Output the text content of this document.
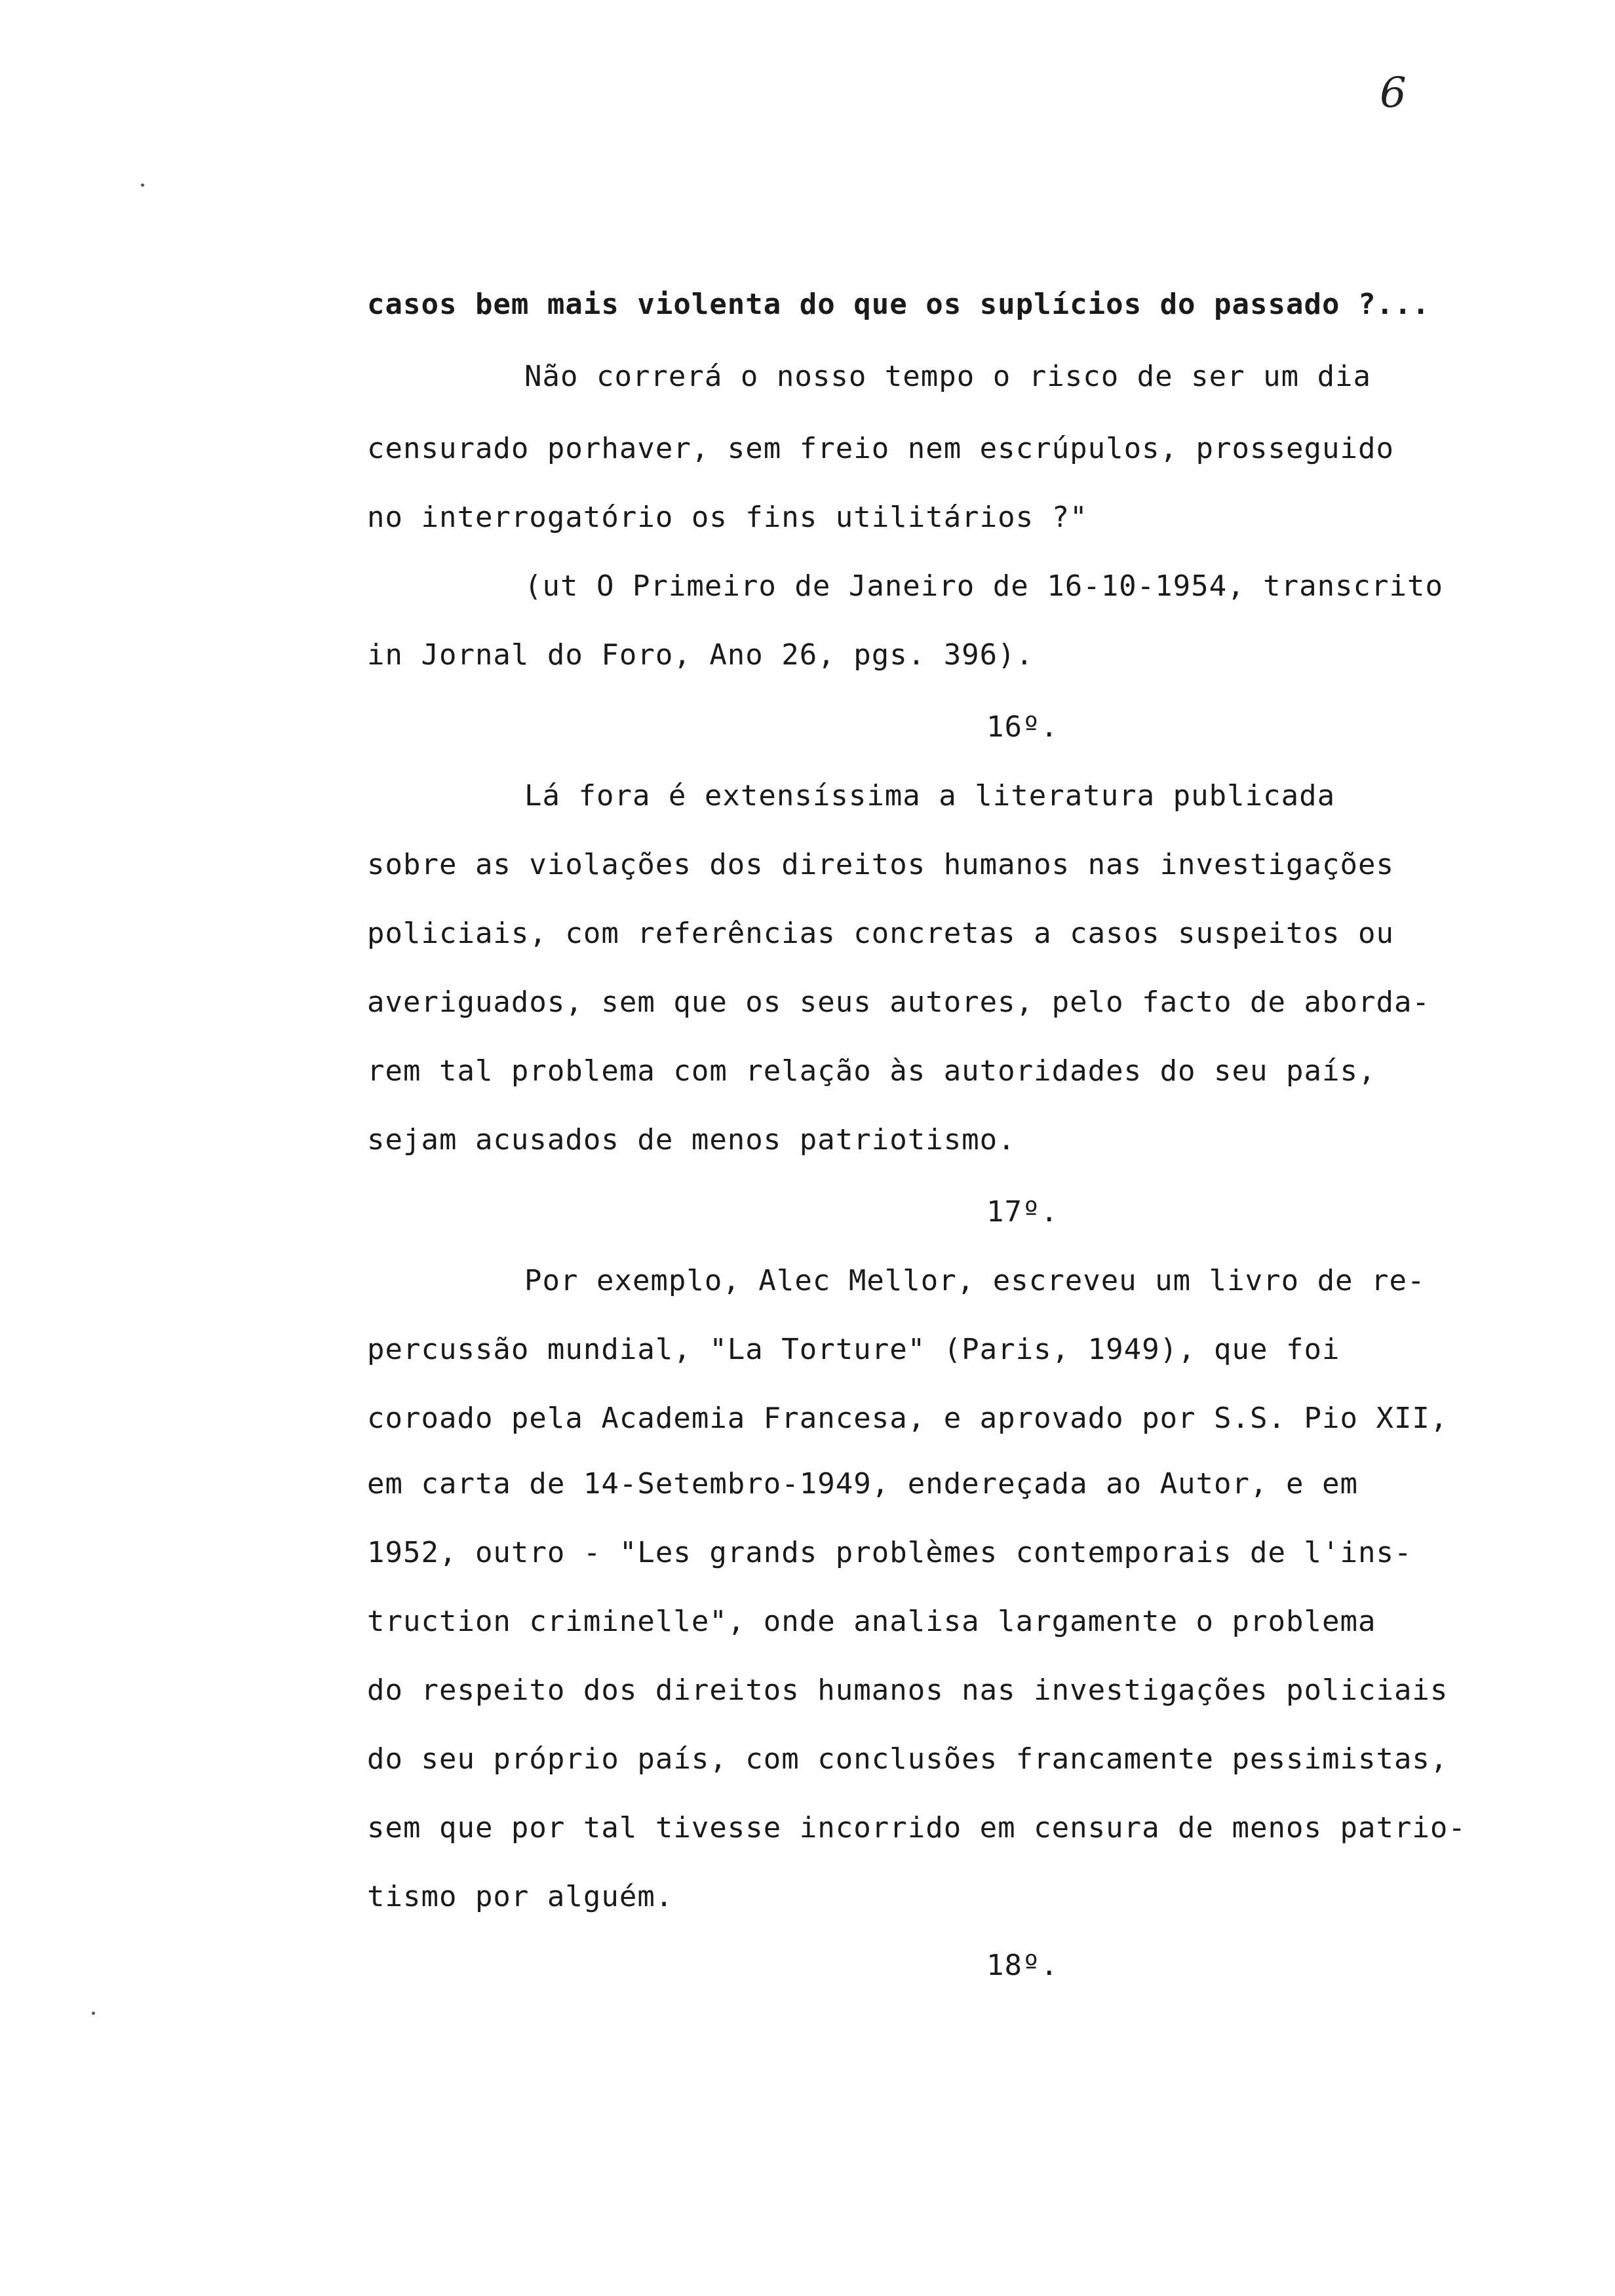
6
casos bem mais violenta do que os suplícios do passado ?...
Não correrá o nosso tempo o risco de ser um dia
censurado porhaver, sem freio nem escrúpulos, prosseguido
no interrogatório os fins utilitários ?"
(ut O Primeiro de Janeiro de 16-10-1954, transcrito
in Jornal do Foro, Ano 26, pgs. 396).
16º.
Lá fora é extensíssima a literatura publicada
sobre as violações dos direitos humanos nas investigações
policiais, com referências concretas a casos suspeitos ou
averiguados, sem que os seus autores, pelo facto de aborda-
rem tal problema com relação às autoridades do seu país,
sejam acusados de menos patriotismo.
17º.
Por exemplo, Alec Mellor, escreveu um livro de re-
percussão mundial, "La Torture" (Paris, 1949), que foi
coroado pela Academia Francesa, e aprovado por S.S. Pio XII,
em carta de 14-Setembro-1949, endereçada ao Autor, e em
1952, outro - "Les grands problèmes contemporais de l'ins-
truction criminelle", onde analisa largamente o problema
do respeito dos direitos humanos nas investigações policiais
do seu próprio país, com conclusões francamente pessimistas,
sem que por tal tivesse incorrido em censura de menos patrio-
tismo por alguém.
18º.
